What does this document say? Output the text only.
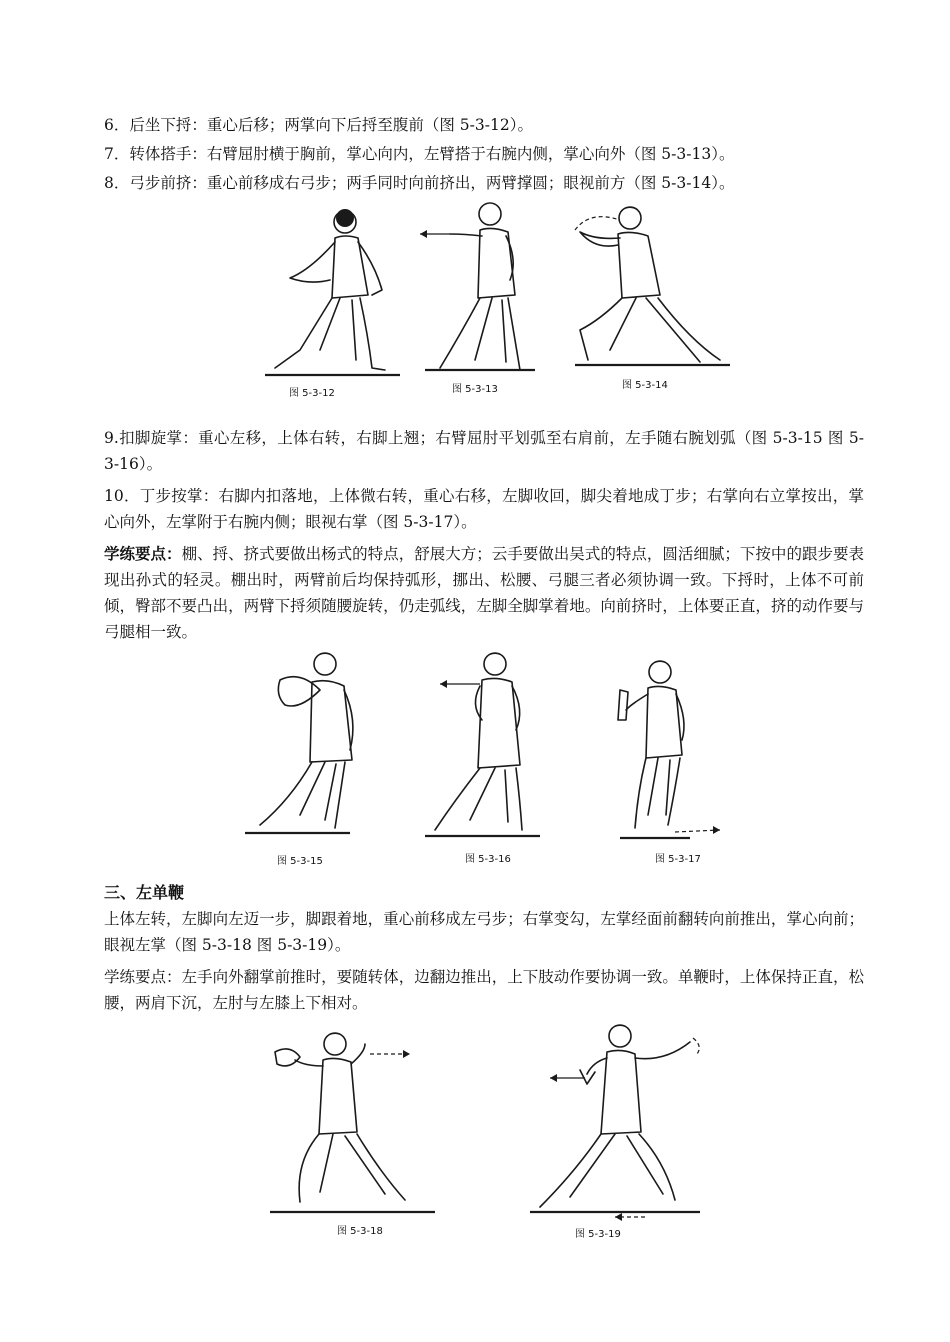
6．后坐下捋：重心后移；两掌向下后捋至腹前（图 5-3-12）。
7．转体搭手：右臂屈肘横于胸前，掌心向内，左臂搭于右腕内侧，掌心向外（图 5-3-13）。
8．弓步前挤：重心前移成右弓步；两手同时向前挤出，两臂撑圆；眼视前方（图 5-3-14）。
图 5-3-12	图 5-3-13	图 5-3-14
9.扣脚旋掌：重心左移，上体右转，右脚上翘；右臂屈肘平划弧至右肩前，左手随右腕划弧（图 5-3-15 图 5-3-16）。
10．丁步按掌：右脚内扣落地，上体微右转，重心右移，左脚收回，脚尖着地成丁步；右掌向右立掌按出，掌心向外，左掌附于右腕内侧；眼视右掌（图 5-3-17）。
学练要点：棚、捋、挤式要做出杨式的特点，舒展大方；云手要做出吴式的特点，圆活细腻；下按中的跟步要表现出孙式的轻灵。棚出时，两臂前后均保持弧形，挪出、松腰、弓腿三者必须协调一致。下捋时，上体不可前倾，臀部不要凸出，两臂下捋须随腰旋转，仍走弧线，左脚全脚掌着地。向前挤时，上体要正直，挤的动作要与弓腿相一致。
图 5-3-15	图 5-3-16	图 5-3-17
三、左单鞭
上体左转，左脚向左迈一步，脚跟着地，重心前移成左弓步；右掌变勾，左掌经面前翻转向前推出，掌心向前；眼视左掌（图 5-3-18 图 5-3-19）。
学练要点：左手向外翻掌前推时，要随转体，边翻边推出，上下肢动作要协调一致。单鞭时，上体保持正直，松腰，两肩下沉，左肘与左膝上下相对。
图 5-3-18	图 5-3-19
